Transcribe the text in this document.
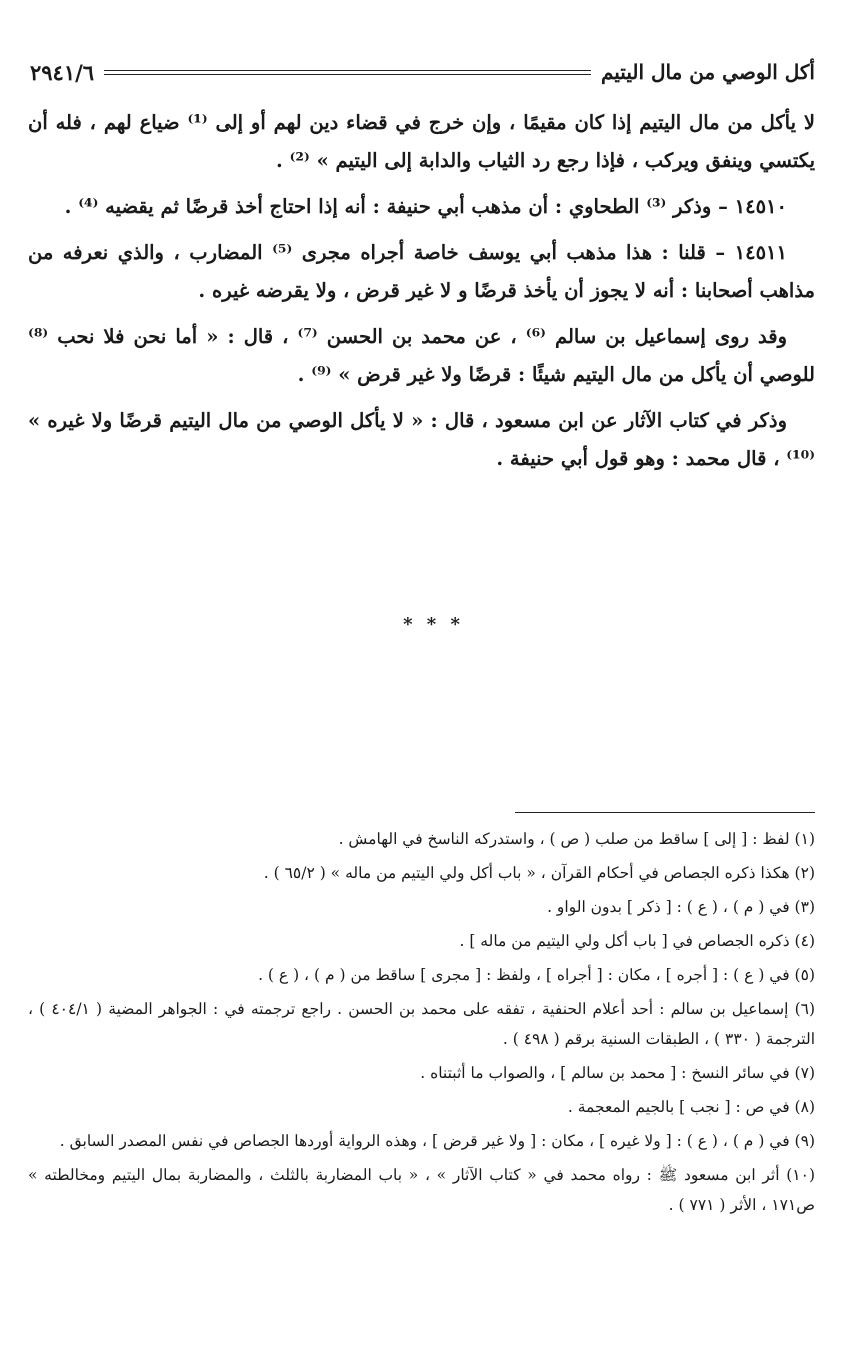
أكل الوصي من مال اليتيم
٢٩٤١/٦

لا يأكل من مال اليتيم إذا كان مقيمًا ، وإن خرج في قضاء دين لهم أو إلى ⁽¹⁾ ضياع لهم ، فله أن يكتسي وينفق ويركب ، فإذا رجع رد الثياب والدابة إلى اليتيم » ⁽²⁾ .

١٤٥١٠ – وذكر ⁽³⁾ الطحاوي : أن مذهب أبي حنيفة : أنه إذا احتاج أخذ قرضًا ثم يقضيه ⁽⁴⁾ .

١٤٥١١ – قلنا : هذا مذهب أبي يوسف خاصة أجراه مجرى ⁽⁵⁾ المضارب ، والذي نعرفه من مذاهب أصحابنا : أنه لا يجوز أن يأخذ قرضًا و لا غير قرض ، ولا يقرضه غيره .

وقد روى إسماعيل بن سالم ⁽⁶⁾ ، عن محمد بن الحسن ⁽⁷⁾ ، قال : « أما نحن فلا نحب ⁽⁸⁾ للوصي أن يأكل من مال اليتيم شيئًا : قرضًا ولا غير قرض » ⁽⁹⁾ .

وذكر في كتاب الآثار عن ابن مسعود ، قال : « لا يأكل الوصي من مال اليتيم قرضًا ولا غيره » ⁽¹⁰⁾ ، قال محمد : وهو قول أبي حنيفة .

* * *
(١) لفظ : [ إلى ] ساقط من صلب ( ص ) ، واستدركه الناسخ في الهامش .
(٢) هكذا ذكره الجصاص في أحكام القرآن ، « باب أكل ولي اليتيم من ماله » ( ٦٥/٢ ) .
(٣) في ( م ) ، ( ع ) : [ ذكر ] بدون الواو .
(٤) ذكره الجصاص في [ باب أكل ولي اليتيم من ماله ] .
(٥) في ( ع ) : [ أجره ] ، مكان : [ أجراه ] ، ولفظ : [ مجرى ] ساقط من ( م ) ، ( ع ) .
(٦) إسماعيل بن سالم : أحد أعلام الحنفية ، تفقه على محمد بن الحسن . راجع ترجمته في : الجواهر المضية ( ٤٠٤/١ ) ، الترجمة ( ٣٣٠ ) ، الطبقات السنية برقم ( ٤٩٨ ) .
(٧) في سائر النسخ : [ محمد بن سالم ] ، والصواب ما أثبتناه .
(٨) في ص : [ نجب ] بالجيم المعجمة .
(٩) في ( م ) ، ( ع ) : [ ولا غيره ] ، مكان : [ ولا غير قرض ] ، وهذه الرواية أوردها الجصاص في نفس المصدر السابق .
(١٠) أثر ابن مسعود ﷺ : رواه محمد في « كتاب الآثار » ، « باب المضاربة بالثلث ، والمضاربة بمال اليتيم ومخالطته » ص١٧١ ، الأثر ( ٧٧١ ) .
